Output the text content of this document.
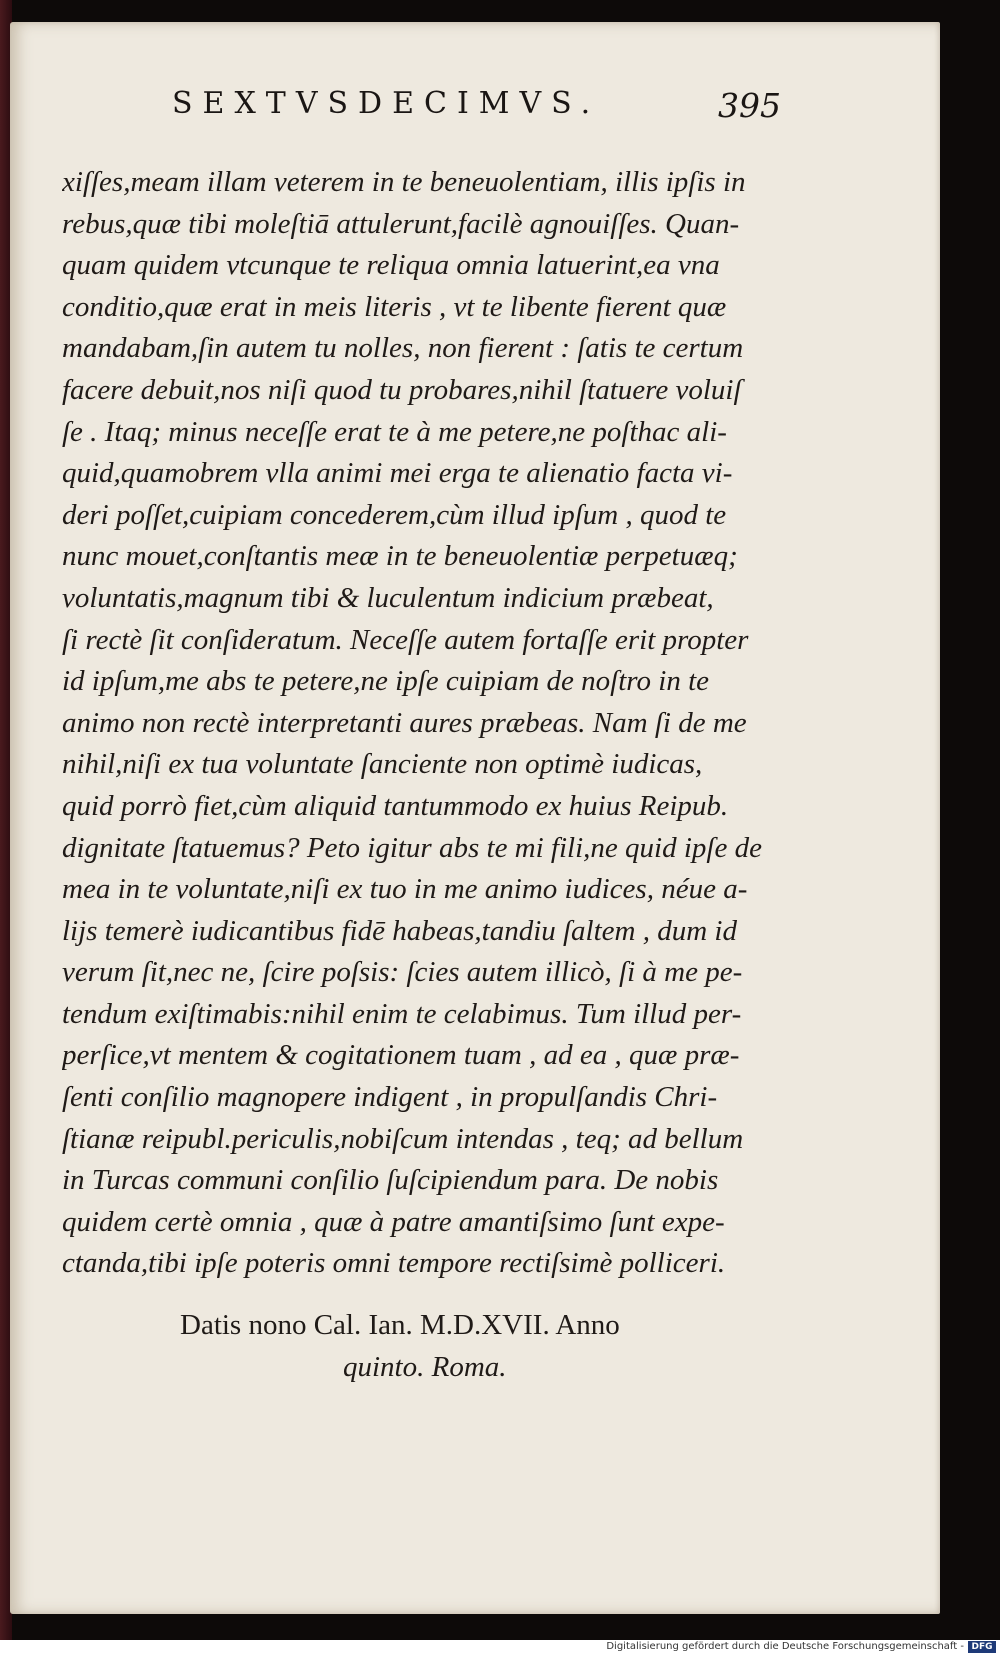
SEXTVSDECIMVS.	395
xiſſes,meam illam veterem in te beneuolentiam, illis ipſis in
rebus,quæ tibi moleſtiā attulerunt,facilè agnouiſſes. Quan-
quam quidem vtcunque te reliqua omnia latuerint,ea vna
conditio,quæ erat in meis literis , vt te libente fierent quæ
mandabam,ſin autem tu nolles, non fierent : ſatis te certum
facere debuit,nos niſi quod tu probares,nihil ſtatuere voluiſ
ſe . Itaq; minus neceſſe erat te à me petere,ne poſthac ali-
quid,quamobrem vlla animi mei erga te alienatio facta vi-
deri poſſet,cuipiam concederem,cùm illud ipſum , quod te
nunc mouet,conſtantis meæ in te beneuolentiæ perpetuæq;
voluntatis,magnum tibi & luculentum indicium præbeat,
ſi rectè ſit conſideratum. Neceſſe autem fortaſſe erit propter
id ipſum,me abs te petere,ne ipſe cuipiam de noſtro in te
animo non rectè interpretanti aures præbeas. Nam ſi de me
nihil,niſi ex tua voluntate ſanciente non optimè iudicas,
quid porrò fiet,cùm aliquid tantummodo ex huius Reipub.
dignitate ſtatuemus? Peto igitur abs te mi fili,ne quid ipſe de
mea in te voluntate,niſi ex tuo in me animo iudices, néue a-
lijs temerè iudicantibus fidē habeas,tandiu ſaltem , dum id
verum ſit,nec ne, ſcire poſsis: ſcies autem illicò, ſi à me pe-
tendum exiſtimabis:nihil enim te celabimus. Tum illud per-
perſice,vt mentem & cogitationem tuam , ad ea , quæ præ-
ſenti conſilio magnopere indigent , in propulſandis Chri-
ſtianæ reipubl.periculis,nobiſcum intendas , teq; ad bellum
in Turcas communi conſilio ſuſcipiendum para. De nobis
quidem certè omnia , quæ à patre amantiſsimo ſunt expe-
ctanda,tibi ipſe poteris omni tempore rectiſsimè polliceri.
Datis nono Cal. Ian. M.D.XVII. Anno
quinto. Roma.
Digitalisierung gefördert durch die Deutsche Forschungsgemeinschaft - DFG
